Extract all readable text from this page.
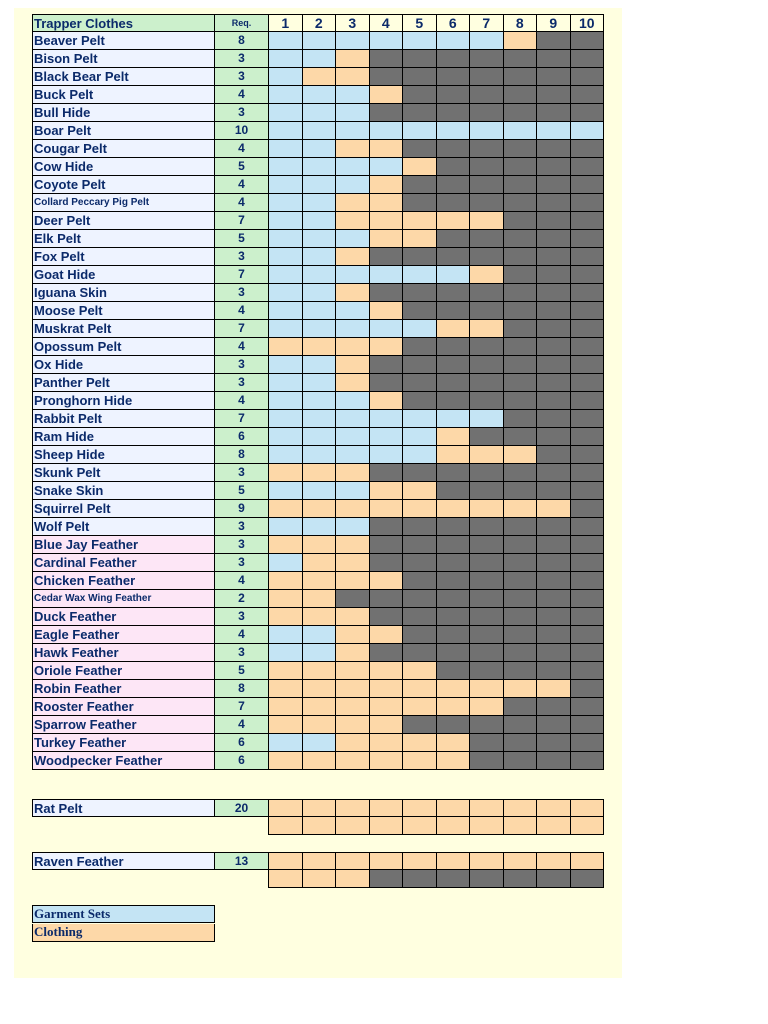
Trapper Clothes	Req.	1	2	3	4	5	6	7	8	9	10
Beaver Pelt	8
Bison Pelt	3
Black Bear Pelt	3
Buck Pelt	4
Bull Hide	3
Boar Pelt	10
Cougar Pelt	4
Cow Hide	5
Coyote Pelt	4
Collard Peccary Pig Pelt	4
Deer Pelt	7
Elk Pelt	5
Fox Pelt	3
Goat Hide	7
Iguana Skin	3
Moose Pelt	4
Muskrat Pelt	7
Opossum Pelt	4
Ox Hide	3
Panther Pelt	3
Pronghorn Hide	4
Rabbit Pelt	7
Ram Hide	6
Sheep Hide	8
Skunk Pelt	3
Snake Skin	5
Squirrel Pelt	9
Wolf Pelt	3
Blue Jay Feather	3
Cardinal Feather	3
Chicken Feather	4
Cedar Wax Wing Feather	2
Duck Feather	3
Eagle Feather	4
Hawk Feather	3
Oriole Feather	5
Robin Feather	8
Rooster Feather	7
Sparrow Feather	4
Turkey Feather	6
Woodpecker Feather	6
Rat Pelt	20
Raven Feather	13
Garment Sets
Clothing
